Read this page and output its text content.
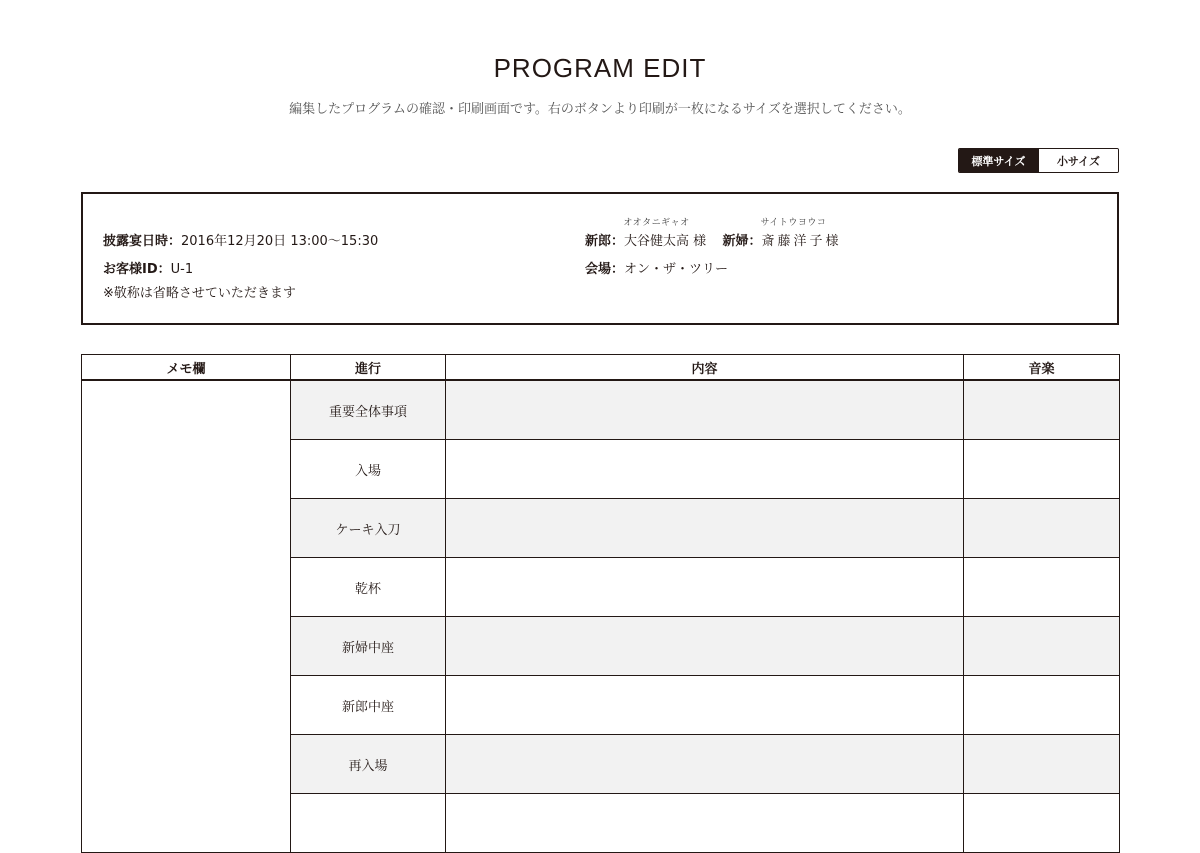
PROGRAM EDIT
編集したプログラムの確認・印刷画面です。右のボタンより印刷が一枚になるサイズを選択してください。
標準サイズ	小サイズ
披露宴日時：2016年12月20日 13:00～15:30
お客様ID：U-1
※敬称は省略させていただきます
新郎：
オオタニギャオ
大谷健太高 様 新婦：
サイトウヨウコ
斎藤洋子様
会場：オン・ザ・ツリー
メモ欄	進行	内容	音楽
	重要全体事項		
	入場		
	ケーキ入刀		
	乾杯		
	新婦中座		
	新郎中座		
	再入場		
